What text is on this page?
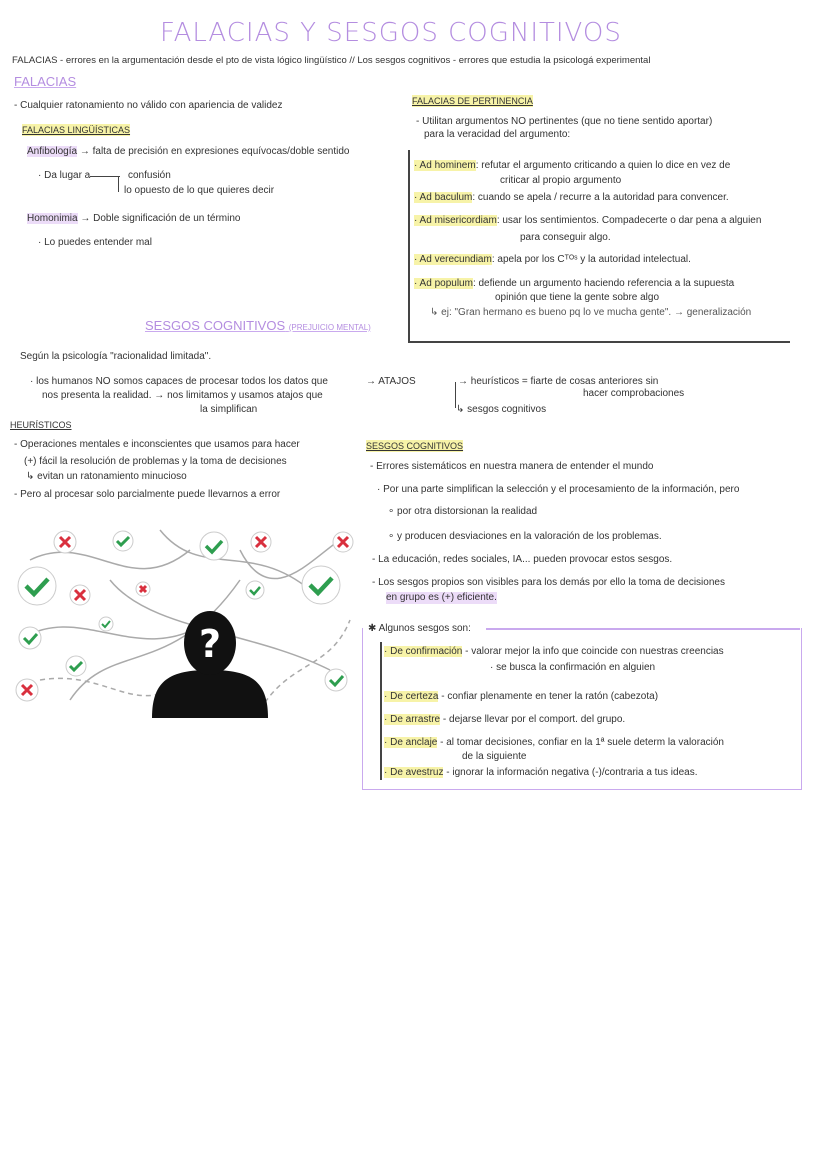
FALACIAS Y SESGOS COGNITIVOS
FALACIAS - errores en la argumentación desde el pto de vista lógico lingüístico // Los sesgos cognitivos - errores que estudia la psicologá experimental
FALACIAS
- Cualquier ratonamiento no válido con apariencia de validez
FALACIAS LINGÜÍSTICAS
Anfibología → falta de precisión en expresiones equívocas/doble sentido
· Da lugar a	confusión
lo opuesto de lo que quieres decir
Homonimia → Doble significación de un término
· Lo puedes entender mal
FALACIAS DE PERTINENCIA
- Utilitan argumentos NO pertinentes (que no tiene sentido aportar)
para la veracidad del argumento:
· Ad hominem: refutar el argumento criticando a quien lo dice en vez de
criticar al propio argumento
· Ad baculum: cuando se apela / recurre a la autoridad para convencer.
· Ad misericordiam: usar los sentimientos. Compadecerte o dar pena a alguien
para conseguir algo.
· Ad verecundiam: apela por los Cᵀᴼˢ y la autoridad intelectual.
· Ad populum: defiende un argumento haciendo referencia a la supuesta
opinión que tiene la gente sobre algo
↳ ej: "Gran hermano es bueno pq lo ve mucha gente". → generalización
SESGOS COGNITIVOS (PREJUICIO MENTAL)
Según la psicología "racionalidad limitada".
· los humanos NO somos capaces de procesar todos los datos que
nos presenta la realidad. → nos limitamos y usamos atajos que
la simplifican
→ ATAJOS	→ heurísticos = fiarte de cosas anteriores sin
hacer comprobaciones
↳ sesgos cognitivos
HEURÍSTICOS
- Operaciones mentales e inconscientes que usamos para hacer
(+) fácil la resolución de problemas y la toma de decisiones
↳ evitan un ratonamiento minucioso
- Pero al procesar solo parcialmente puede llevarnos a error
SESGOS COGNITIVOS
- Errores sistemáticos en nuestra manera de entender el mundo
· Por una parte simplifican la selección y el procesamiento de la información, pero
∘ por otra distorsionan la realidad
∘ y producen desviaciones en la valoración de los problemas.
- La educación, redes sociales, IA... pueden provocar estos sesgos.
- Los sesgos propios son visibles para los demás por ello la toma de decisiones
en grupo es (+) eficiente.
✱ Algunos sesgos son:
· De confirmación - valorar mejor la info que coincide con nuestras creencias
· se busca la confirmación en alguien
· De certeza - confiar plenamente en tener la ratón (cabezota)
· De arrastre - dejarse llevar por el comport. del grupo.
· De anclaje - al tomar decisiones, confiar en la 1ª suele determ la valoración
de la siguiente
· De avestruz - ignorar la información negativa (-)/contraria a tus ideas.
?
